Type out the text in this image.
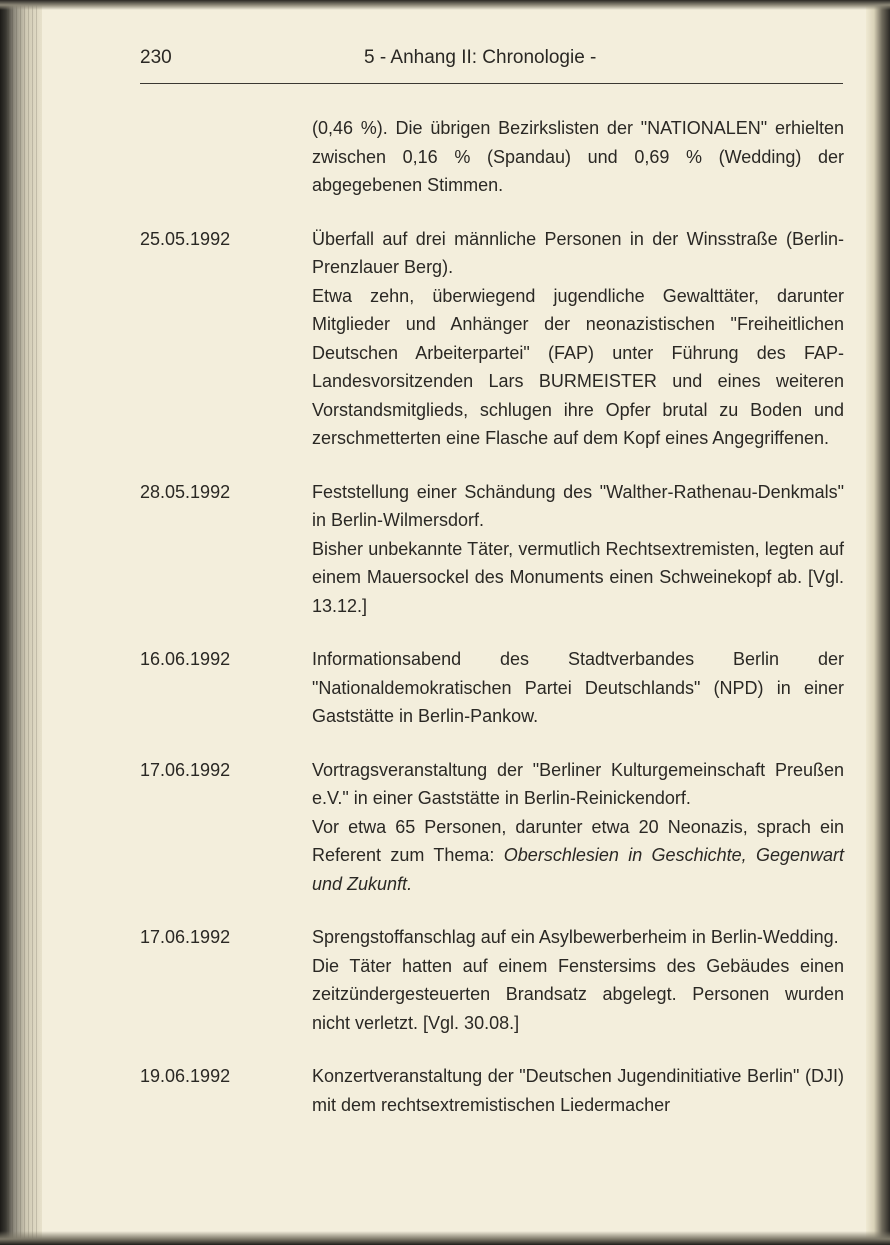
230	5 - Anhang II: Chronologie -

(0,46 %). Die übrigen Bezirkslisten der "NATIONALEN" erhielten zwischen 0,16 % (Spandau) und 0,69 % (Wedding) der abgegebenen Stimmen.

25.05.1992	Überfall auf drei männliche Personen in der Winsstraße (Berlin-Prenzlauer Berg).

Etwa zehn, überwiegend jugendliche Gewalttäter, darunter Mitglieder und Anhänger der neonazistischen "Freiheitlichen Deutschen Arbeiterpartei" (FAP) unter Führung des FAP-Landesvorsitzenden Lars BURMEISTER und eines weiteren Vorstandsmitglieds, schlugen ihre Opfer brutal zu Boden und zerschmetterten eine Flasche auf dem Kopf eines Angegriffenen.

28.05.1992	Feststellung einer Schändung des "Walther-Rathenau-Denkmals" in Berlin-Wilmersdorf.

Bisher unbekannte Täter, vermutlich Rechtsextremisten, legten auf einem Mauersockel des Monuments einen Schweinekopf ab. [Vgl. 13.12.]

16.06.1992	Informationsabend des Stadtverbandes Berlin der "Nationaldemokratischen Partei Deutschlands" (NPD) in einer Gaststätte in Berlin-Pankow.

17.06.1992	Vortragsveranstaltung der "Berliner Kulturgemeinschaft Preußen e.V." in einer Gaststätte in Berlin-Reinickendorf.

Vor etwa 65 Personen, darunter etwa 20 Neonazis, sprach ein Referent zum Thema: Oberschlesien in Geschichte, Gegenwart und Zukunft.

17.06.1992	Sprengstoffanschlag auf ein Asylbewerberheim in Berlin-Wedding.

Die Täter hatten auf einem Fenstersims des Gebäudes einen zeitzündergesteuerten Brandsatz abgelegt. Personen wurden nicht verletzt. [Vgl. 30.08.]

19.06.1992	Konzertveranstaltung der "Deutschen Jugendinitiative Berlin" (DJI) mit dem rechtsextremistischen Liedermacher
